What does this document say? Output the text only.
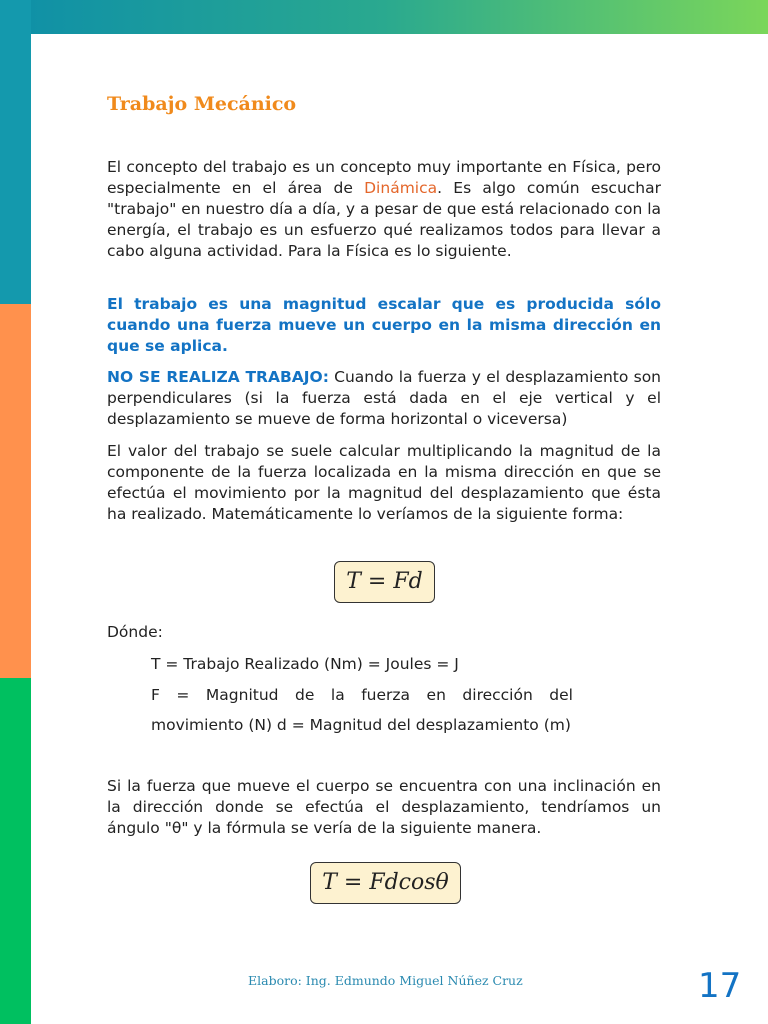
Trabajo Mecánico

El concepto del trabajo es un concepto muy importante en Física, pero especialmente en el área de Dinámica. Es algo común escuchar "trabajo" en nuestro día a día, y a pesar de que está relacionado con la energía, el trabajo es un esfuerzo qué realizamos todos para llevar a cabo alguna actividad. Para la Física es lo siguiente.

El trabajo es una magnitud escalar que es producida sólo cuando una fuerza mueve un cuerpo en la misma dirección en que se aplica.

NO SE REALIZA TRABAJO: Cuando la fuerza y el desplazamiento son perpendiculares (si la fuerza está dada en el eje vertical y el desplazamiento se mueve de forma horizontal o viceversa)

El valor del trabajo se suele calcular multiplicando la magnitud de la componente de la fuerza localizada en la misma dirección en que se efectúa el movimiento por la magnitud del desplazamiento que ésta ha realizado. Matemáticamente lo veríamos de la siguiente forma:

T = Fd

Dónde:

T = Trabajo Realizado (Nm) = Joules = J

F = Magnitud de la fuerza en dirección del movimiento (N) d = Magnitud del desplazamiento (m)

Si la fuerza que mueve el cuerpo se encuentra con una inclinación en la dirección donde se efectúa el desplazamiento, tendríamos un ángulo "θ" y la fórmula se vería de la siguiente manera.

T = Fdcosθ
Elaboro: Ing. Edmundo Miguel Núñez Cruz	17
